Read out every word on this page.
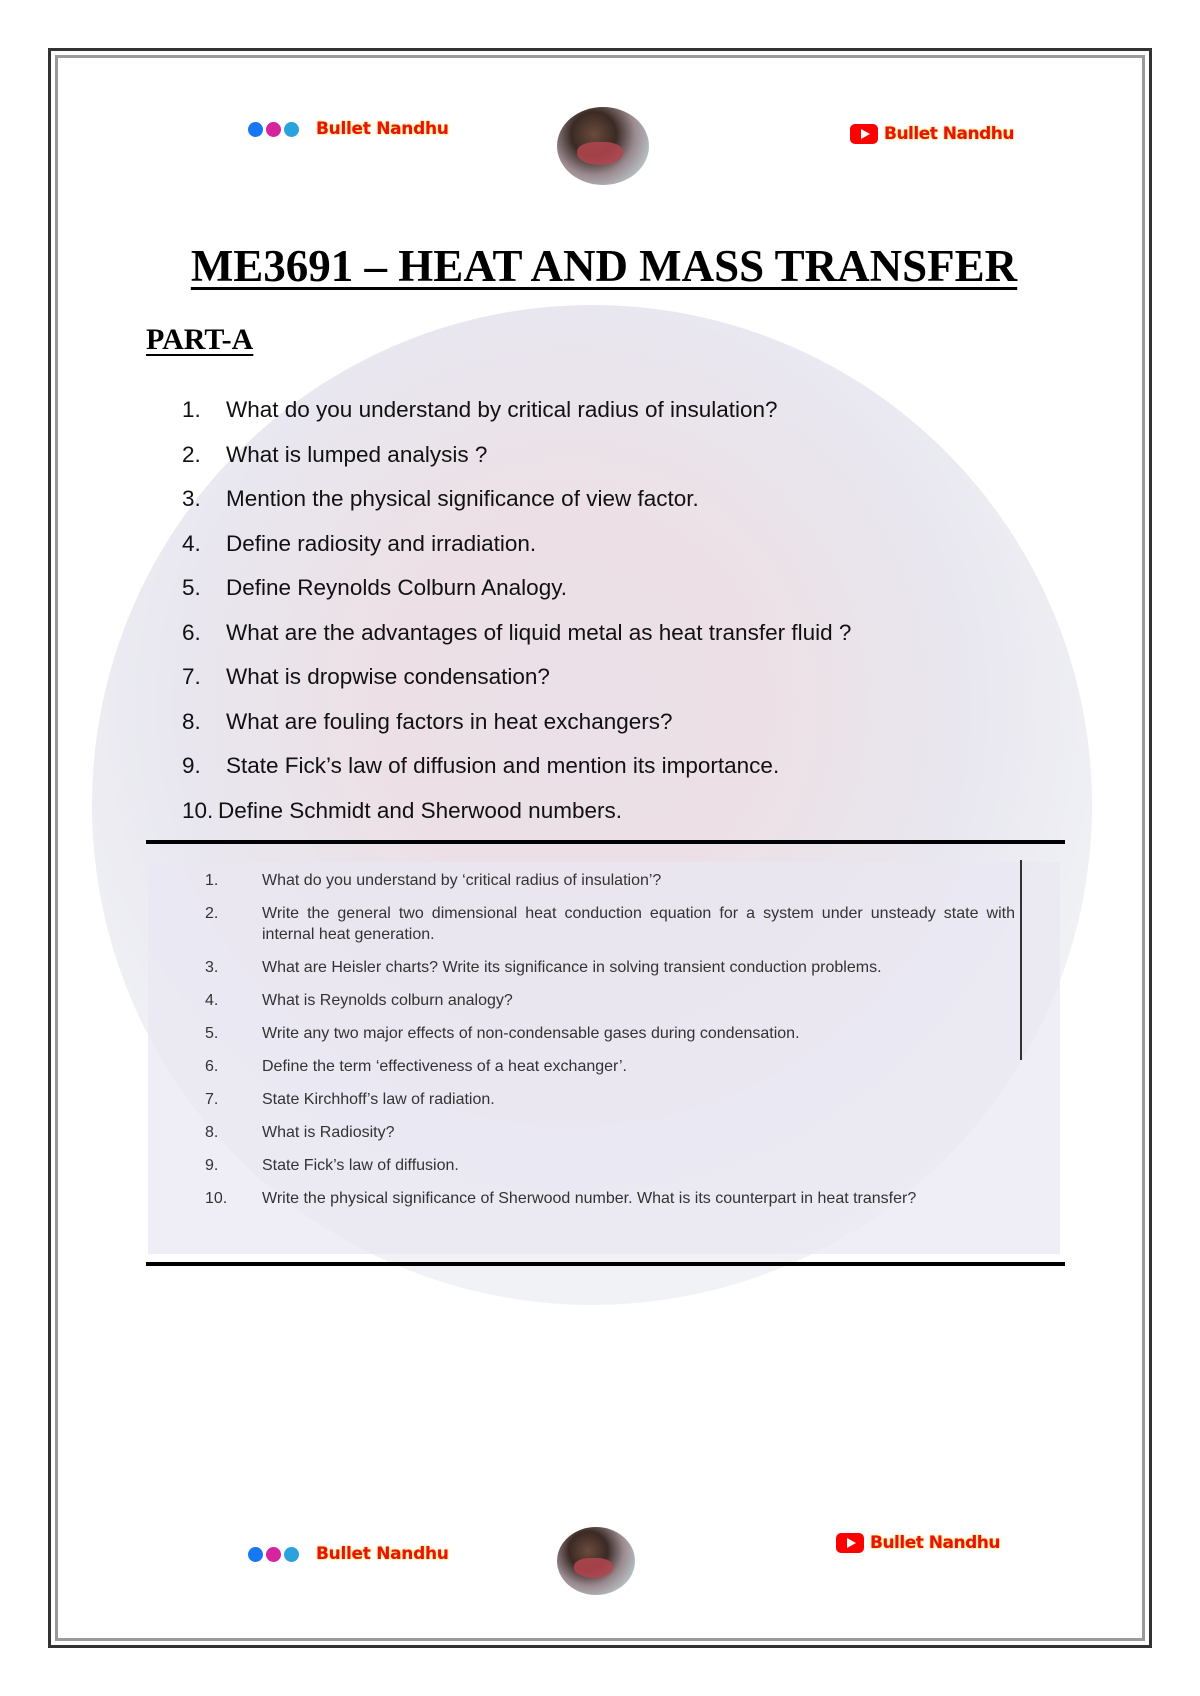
Bullet Nandhu	Bullet Nandhu
ME3691 – HEAT AND MASS TRANSFER
PART-A
1.	What do you understand by critical radius of insulation?
2.	What is lumped analysis ?
3.	Mention the physical significance of view factor.
4.	Define radiosity and irradiation.
5.	Define Reynolds Colburn Analogy.
6.	What are the advantages of liquid metal as heat transfer fluid ?
7.	What is dropwise condensation?
8.	What are fouling factors in heat exchangers?
9.	State Fick’s law of diffusion and mention its importance.
10. Define Schmidt and Sherwood numbers.
1.	What do you understand by ‘critical radius of insulation’?
2.	Write the general two dimensional heat conduction equation for a system under unsteady state with internal heat generation.
3.	What are Heisler charts? Write its significance in solving transient conduction problems.
4.	What is Reynolds colburn analogy?
5.	Write any two major effects of non-condensable gases during condensation.
6.	Define the term ‘effectiveness of a heat exchanger’.
7.	State Kirchhoff’s law of radiation.
8.	What is Radiosity?
9.	State Fick’s law of diffusion.
10.	Write the physical significance of Sherwood number. What is its counterpart in heat transfer?
Bullet Nandhu
Bullet Nandhu
